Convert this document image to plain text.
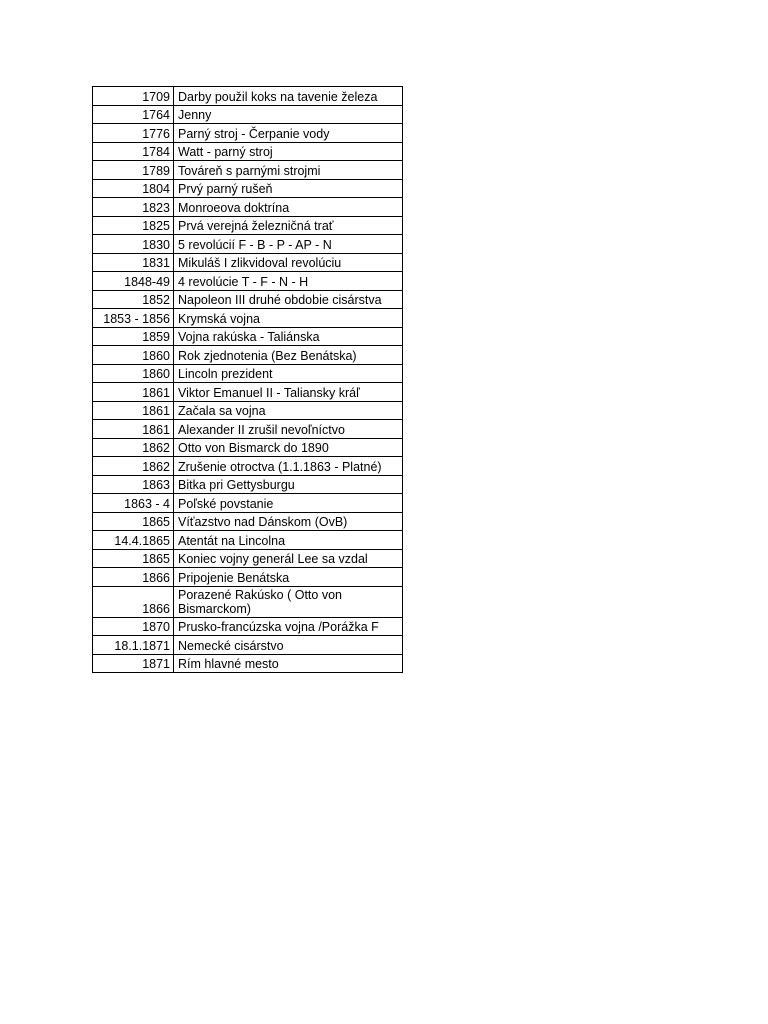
1709	Darby použil koks na tavenie železa
1764	Jenny
1776	Parný stroj - Čerpanie vody
1784	Watt - parný stroj
1789	Továreň s parnými strojmi
1804	Prvý parný rušeň
1823	Monroeova doktrína
1825	Prvá verejná železničná trať
1830	5 revolúcií F - B - P - AP - N
1831	Mikuláš I zlikvidoval revolúciu
1848-49	4 revolúcie T - F - N - H
1852	Napoleon III druhé obdobie cisárstva
1853 - 1856	Krymská vojna
1859	Vojna rakúska - Taliánska
1860	Rok zjednotenia (Bez Benátska)
1860	Lincoln prezident
1861	Viktor Emanuel II - Taliansky kráľ
1861	Začala sa vojna
1861	Alexander II zrušil nevoľníctvo
1862	Otto von Bismarck do 1890
1862	Zrušenie otroctva (1.1.1863 - Platné)
1863	Bitka pri Gettysburgu
1863 - 4	Poľské povstanie
1865	Víťazstvo nad Dánskom (OvB)
14.4.1865	Atentát na Lincolna
1865	Koniec vojny generál Lee sa vzdal
1866	Pripojenie Benátska
1866	Porazené Rakúsko ( Otto von Bismarckom)
1870	Prusko-francúzska vojna /Porážka F
18.1.1871	Nemecké cisárstvo
1871	Rím hlavné mesto
